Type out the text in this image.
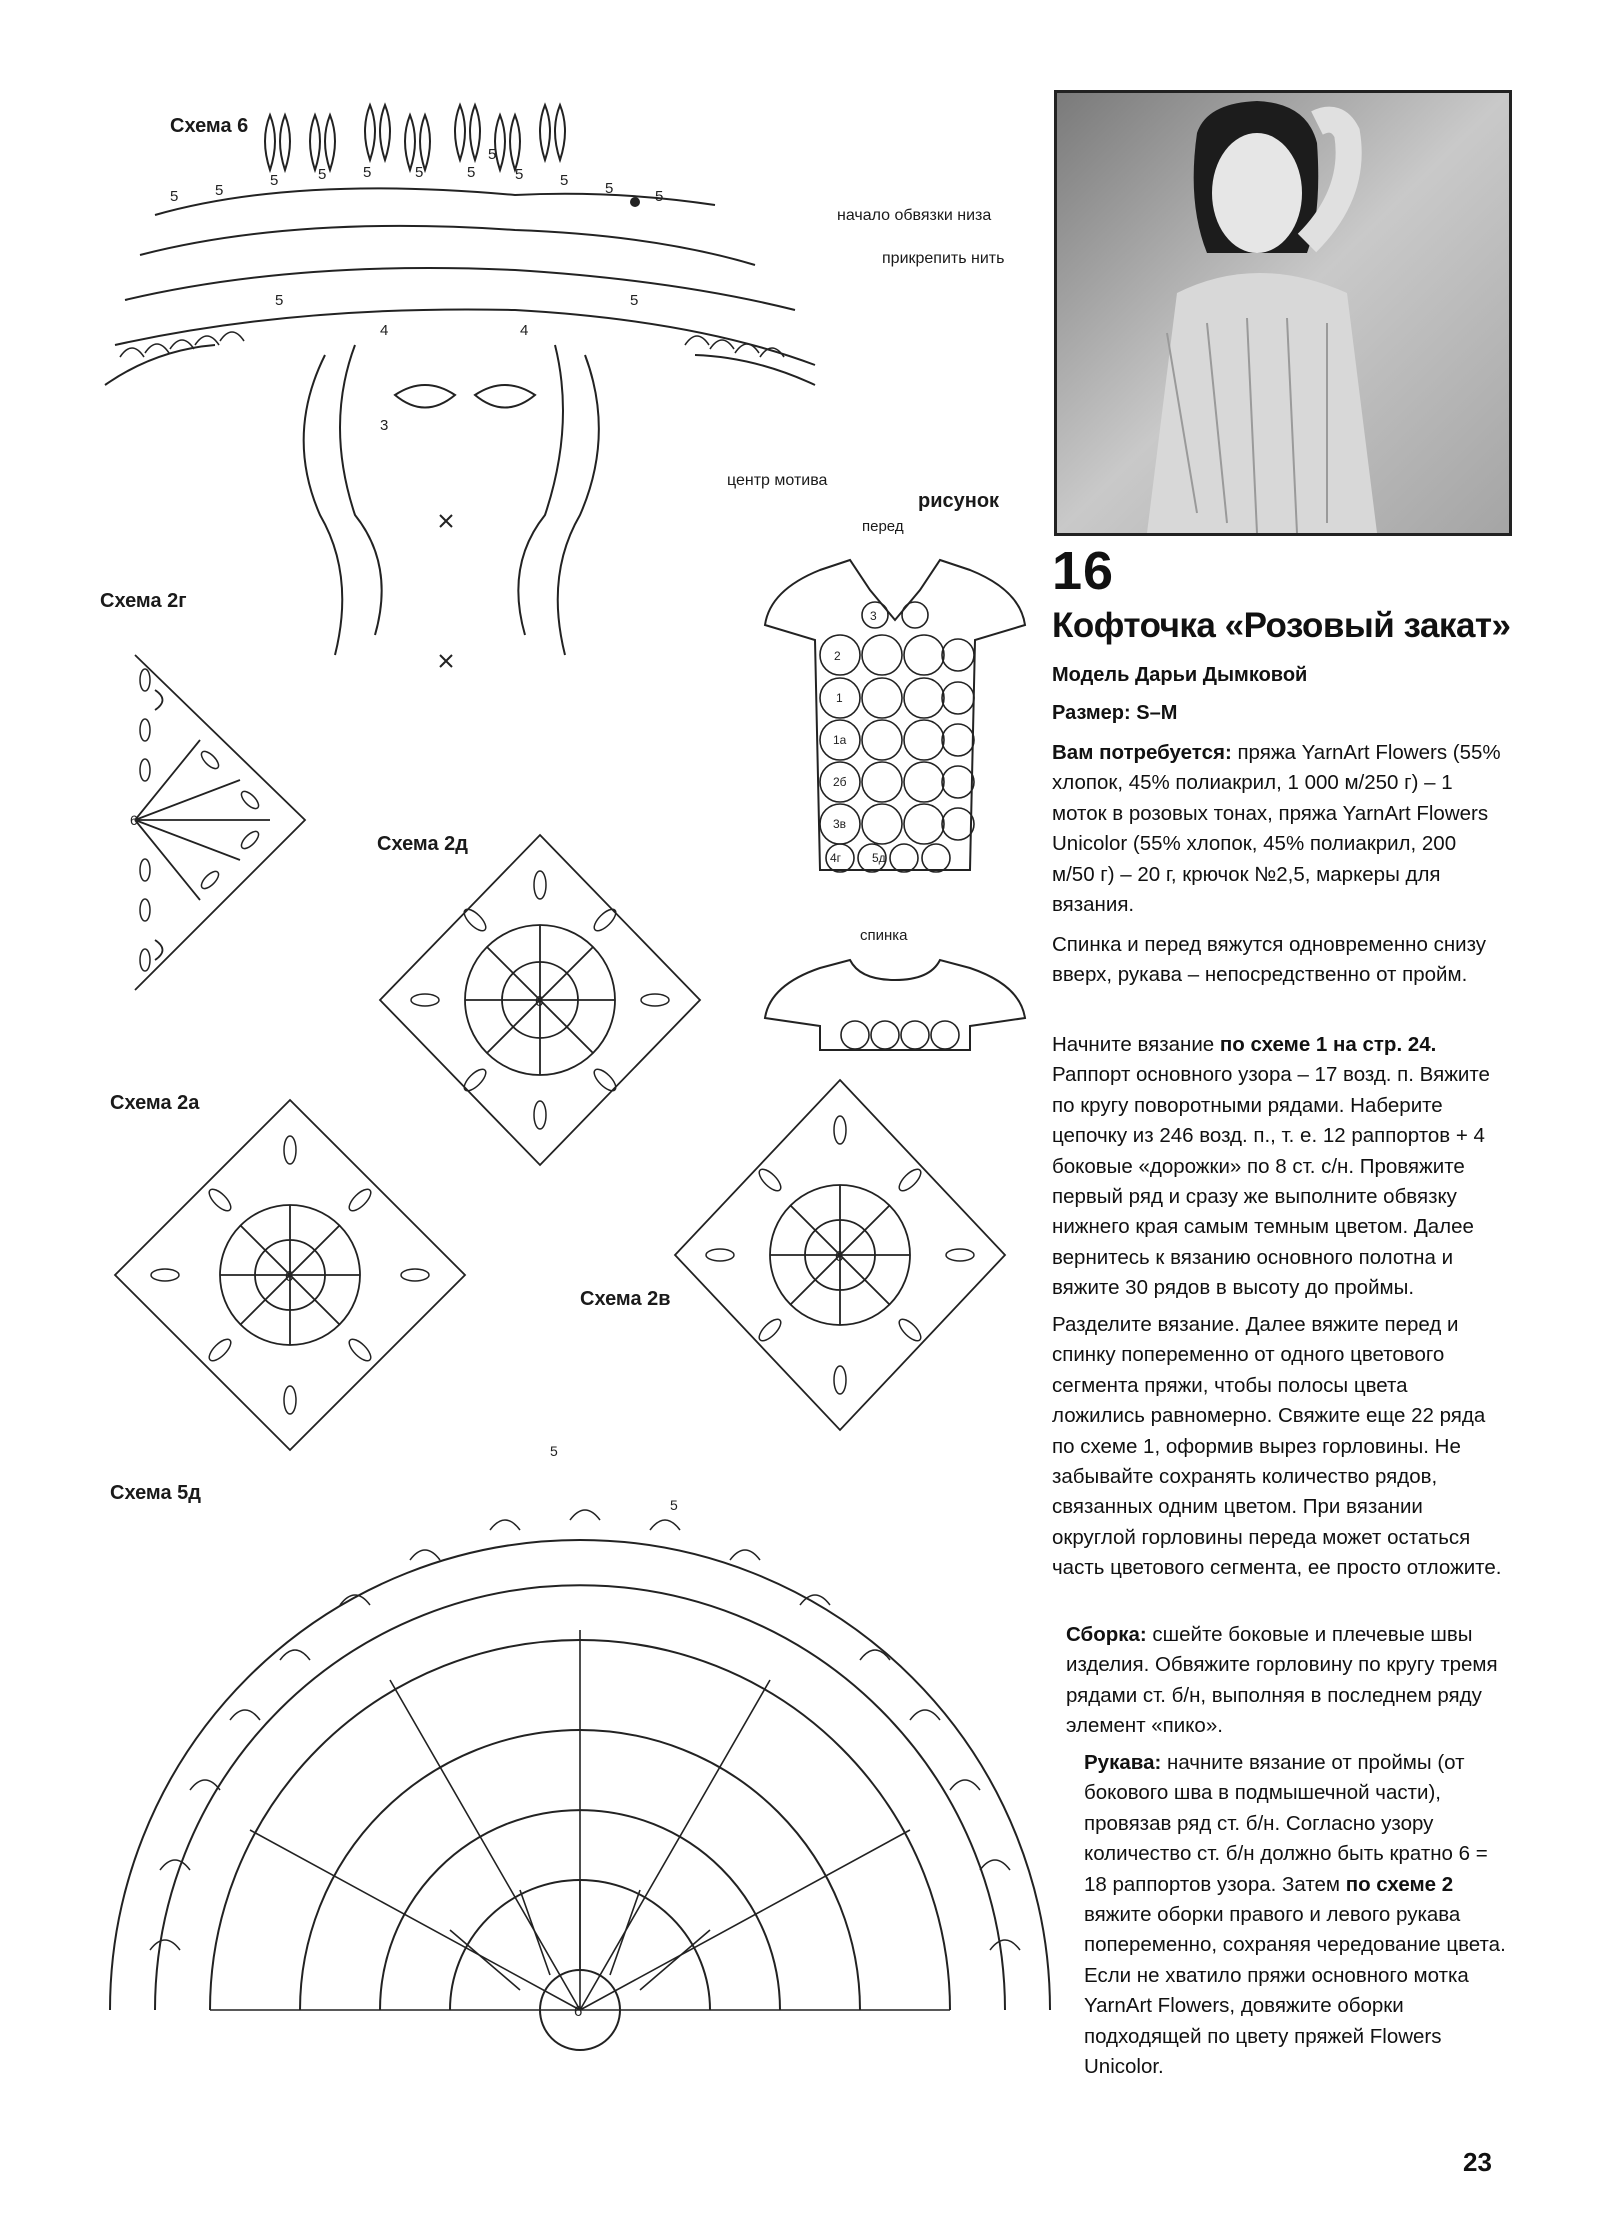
Схема 6
Схема 2г
Схема 2д
Схема 2а
Схема 2в
Схема 5д
начало обвязки низа
прикрепить нить
центр мотива
рисунок
перед
спинка
5	5 5	5	5	5 5 5	5
5
5
5
5	5
4	4
3
6
6
6
6
6
5
5
3
2
1
1а
2б
3в
4г	5д
16
Кофточка «Розовый закат»
Модель Дарьи Дымковой
Размер: S–M
Вам потребуется: пряжа YarnArt Flowers (55% хлопок, 45% полиакрил, 1 000 м/250 г) – 1 моток в розовых тонах, пряжа YarnArt Flowers Unicolor (55% хлопок, 45% полиакрил, 200 м/50 г) – 20 г, крючок №2,5, маркеры для вязания.
Спинка и перед вяжутся одновременно снизу вверх, рукава – непосредственно от пройм.
Начните вязание по схеме 1 на стр. 24. Раппорт основного узора – 17 возд. п. Вяжите по кругу поворотными рядами. Наберите цепочку из 246 возд. п., т. е. 12 раппортов + 4 боковые «дорожки» по 8 ст. с/н. Провяжите первый ряд и сразу же выполните обвязку нижнего края самым темным цветом. Далее вернитесь к вязанию основного полотна и вяжите 30 рядов в высоту до проймы.
Разделите вязание. Далее вяжите перед и спинку попеременно от одного цветового сегмента пряжи, чтобы полосы цвета ложились равномерно. Свяжите еще 22 ряда по схеме 1, оформив вырез горловины. Не забывайте сохранять количество рядов, связанных одним цветом. При вязании округлой горловины переда может остаться часть цветового сегмента, ее просто отложите.
Сборка: сшейте боковые и плечевые швы изделия. Обвяжите горловину по кругу тремя рядами ст. б/н, выполняя в последнем ряду элемент «пико».
Рукава: начните вязание от проймы (от бокового шва в подмышечной части), провязав ряд ст. б/н. Согласно узору количество ст. б/н должно быть кратно 6 = 18 раппортов узора. Затем по схеме 2 вяжите оборки правого и левого рукава попеременно, сохраняя чередование цвета. Если не хватило пряжи основного мотка YarnArt Flowers, довяжите оборки подходящей по цвету пряжей Flowers Unicolor.
23
